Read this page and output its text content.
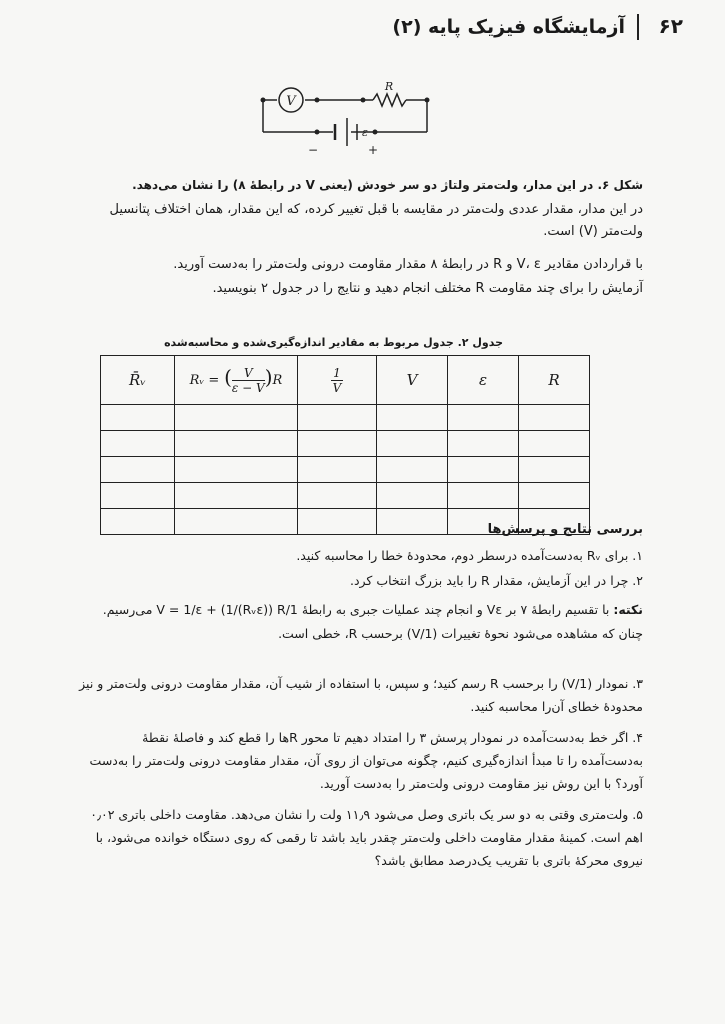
۶۲
آزمایشگاه فیزیک پایه (۲)
V
R
ε
−	+
شکل ۶. در این مدار، ولت‌متر ولتاژ دو سر خودش (یعنی V در رابطهٔ ۸) را نشان می‌دهد.
در این مدار، مقدار عددی ولت‌متر در مقایسه با قبل تغییر کرده، که این مقدار، همان اختلاف پتانسیل ولت‌متر (V) است.
با قراردادن مقادیر V، ε و R در رابطهٔ ۸ مقدار مقاومت درونی ولت‌متر را به‌دست آورید.
آزمایش را برای چند مقاومت R مختلف انجام دهید و نتایج را در جدول ۲ بنویسید.
جدول ۲. جدول مربوط به مقادیر اندازه‌گیری‌شده و محاسبه‌شده
R	ε	V	$\frac{1}{V}$	Rᵥ = ( $\frac{V}{\varepsilon - V} )R$	R̄ᵥ

بررسی نتایج و پرسش‌ها
۱. برای Rᵥ به‌دست‌آمده درسطر دوم، محدودهٔ خطا را محاسبه کنید.
۲. چرا در این آزمایش، مقدار R را باید بزرگ انتخاب کرد.
نکته: با تقسیم رابطهٔ ۷ بر Vε و انجام چند عملیات جبری به رابطهٔ 1/V = 1/ε + (1/(Rᵥε)) R می‌رسیم. چنان که مشاهده می‌شود نحوهٔ تغییرات (1/V) برحسب R، خطی است.
۳. نمودار (1/V) را برحسب R رسم کنید؛ و سپس، با استفاده از شیب آن، مقدار مقاومت درونی ولت‌متر و نیز محدودهٔ خطای آن‌را محاسبه کنید.
۴. اگر خط به‌دست‌آمده در نمودار پرسش ۳ را امتداد دهیم تا محور Rها را قطع کند و فاصلهٔ نقطهٔ به‌دست‌آمده را تا مبدأ اندازه‌گیری کنیم، چگونه می‌توان از روی آن، مقدار مقاومت درونی ولت‌متر را به‌دست آورد؟ با این روش نیز مقاومت درونی ولت‌متر را به‌دست آورید.
۵. ولت‌متری وقتی به دو سر یک باتری وصل می‌شود ۱۱٫۹ ولت را نشان می‌دهد. مقاومت داخلی باتری ۰٫۰۲ اهم است. کمینهٔ مقدار مقاومت داخلی ولت‌متر چقدر باید باشد تا رقمی که روی دستگاه خوانده می‌شود، با نیروی محرکهٔ باتری با تقریب یک‌درصد مطابق باشد؟
